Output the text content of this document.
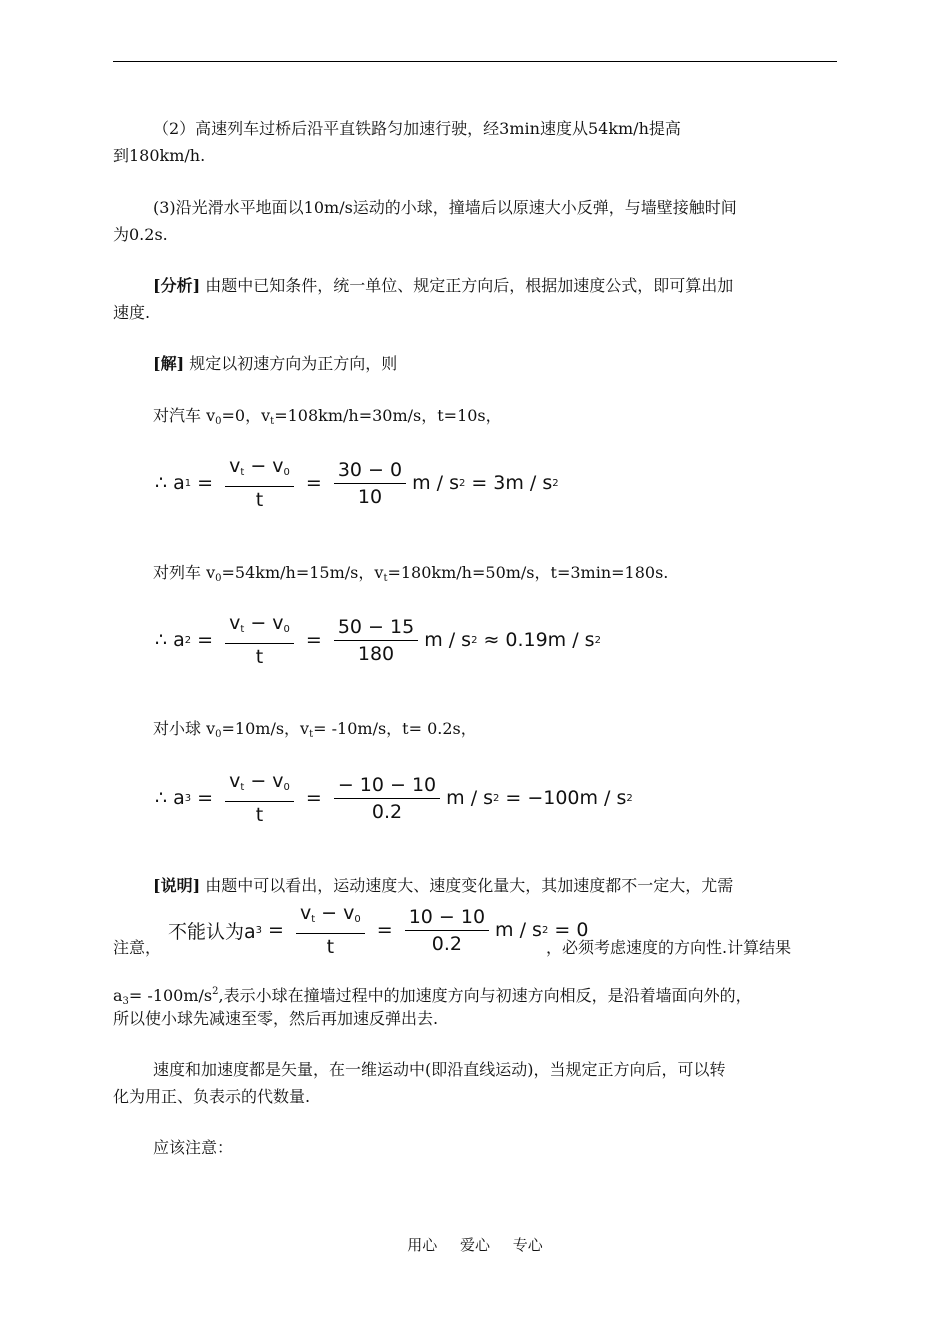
（2）高速列车过桥后沿平直铁路匀加速行驶，经3min速度从54km/h提高
到180km/h.
(3)沿光滑水平地面以10m/s运动的小球，撞墙后以原速大小反弹，与墙壁接触时间
为0.2s.
[分析] 由题中已知条件，统一单位、规定正方向后，根据加速度公式，即可算出加
速度.
[解] 规定以初速方向为正方向，则
对汽车 $v_0=0$，$v_t=108km/h=30m/s$，t=10s，
∴
a $1 = \frac{v_t - v_0}{t} = \frac{30 - 0}{10}$ m / s 2 = 3m / s 2
对列车 $v_0=54km/h=15m/s$，$v_t=180km/h=50m/s$，t=3min=180s.
∴
a $2 = \frac{v_t - v_0}{t} = \frac{50 - 15}{180}$ m / s 2 ≈ 0.19m / s 2
对小球 $v_0=10m/s$，$v_t= -10m/s$，t= 0.2s，
∴
a $3 = \frac{v_t - v_0}{t} = \frac{- 10 - 10}{0.2}$ m / s 2 = −100m / s 2
[说明] 由题中可以看出，运动速度大、速度变化量大，其加速度都不一定大，尤需
不能认为a $3 = \frac{v_t - v_0}{t} = \frac{10 - 10}{0.2}$ m / s 2
= 0
注意，	，必须考虑速度的方向性.计算结果
$a_3= -100m/s^2$,表示小球在撞墙过程中的加速度方向与初速方向相反，是沿着墙面向外的，
所以使小球先减速至零，然后再加速反弹出去.
速度和加速度都是矢量，在一维运动中(即沿直线运动)，当规定正方向后，可以转
化为用正、负表示的代数量.
应该注意：
用心 爱心 专心
